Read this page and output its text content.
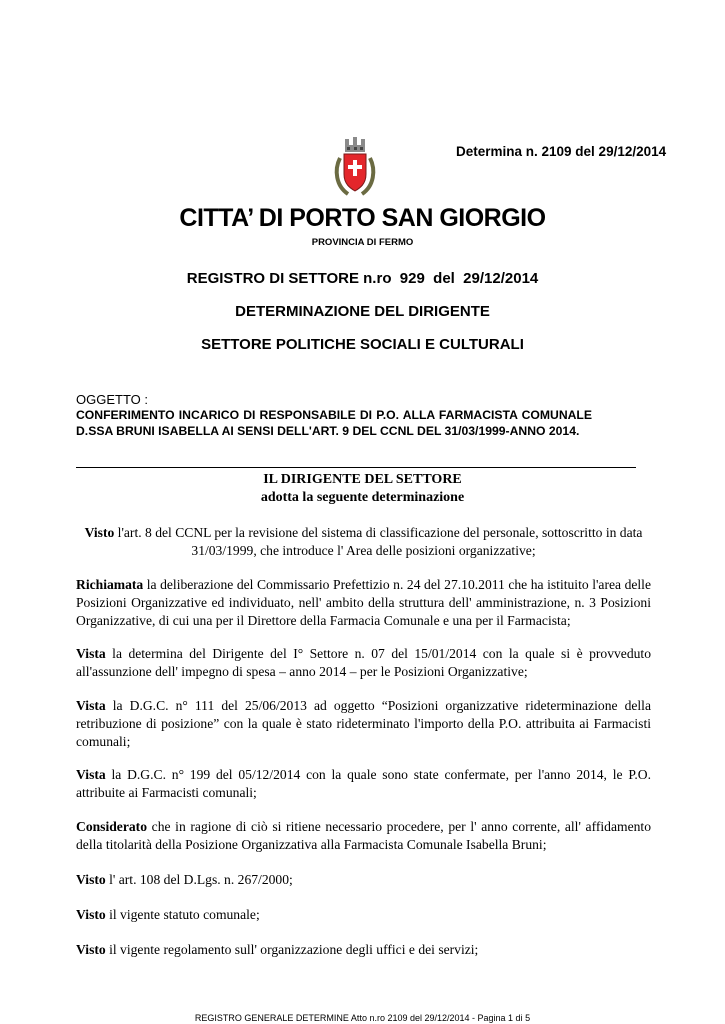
Determina n. 2109 del 29/12/2014
CITTA’ DI PORTO SAN GIORGIO
PROVINCIA DI FERMO
REGISTRO DI SETTORE n.ro  929  del  29/12/2014
DETERMINAZIONE DEL DIRIGENTE
SETTORE POLITICHE SOCIALI E CULTURALI
OGGETTO :
CONFERIMENTO INCARICO DI RESPONSABILE DI P.O. ALLA FARMACISTA COMUNALE D.SSA BRUNI ISABELLA AI SENSI DELL'ART. 9 DEL CCNL DEL 31/03/1999-ANNO 2014.
IL DIRIGENTE DEL SETTORE
adotta la seguente determinazione
Visto l'art. 8 del CCNL per la revisione del sistema di classificazione del personale, sottoscritto in data 31/03/1999, che introduce l' Area delle posizioni organizzative;
Richiamata la deliberazione del Commissario Prefettizio n. 24 del 27.10.2011 che ha istituito l'area delle Posizioni Organizzative ed individuato, nell' ambito della struttura dell' amministrazione, n. 3 Posizioni Organizzative, di cui una per il Direttore della Farmacia Comunale e una per il Farmacista;
Vista la determina del Dirigente del I° Settore n. 07 del 15/01/2014 con la quale si è provveduto all'assunzione dell' impegno di spesa – anno 2014 – per le Posizioni Organizzative;
Vista la D.G.C. n° 111 del 25/06/2013 ad oggetto “Posizioni organizzative rideterminazione della retribuzione di posizione” con la quale è stato rideterminato l'importo della P.O. attribuita ai Farmacisti comunali;
Vista la D.G.C. n° 199 del 05/12/2014 con la quale sono state confermate, per l'anno 2014, le P.O. attribuite ai Farmacisti comunali;
Considerato che in ragione di ciò si ritiene necessario procedere, per l' anno corrente, all' affidamento della titolarità della Posizione Organizzativa alla Farmacista Comunale Isabella Bruni;
Visto l' art. 108 del D.Lgs. n. 267/2000;
Visto il vigente statuto comunale;
Visto il vigente regolamento sull' organizzazione degli uffici e dei servizi;
REGISTRO GENERALE DETERMINE Atto n.ro 2109 del 29/12/2014 - Pagina 1 di 5
